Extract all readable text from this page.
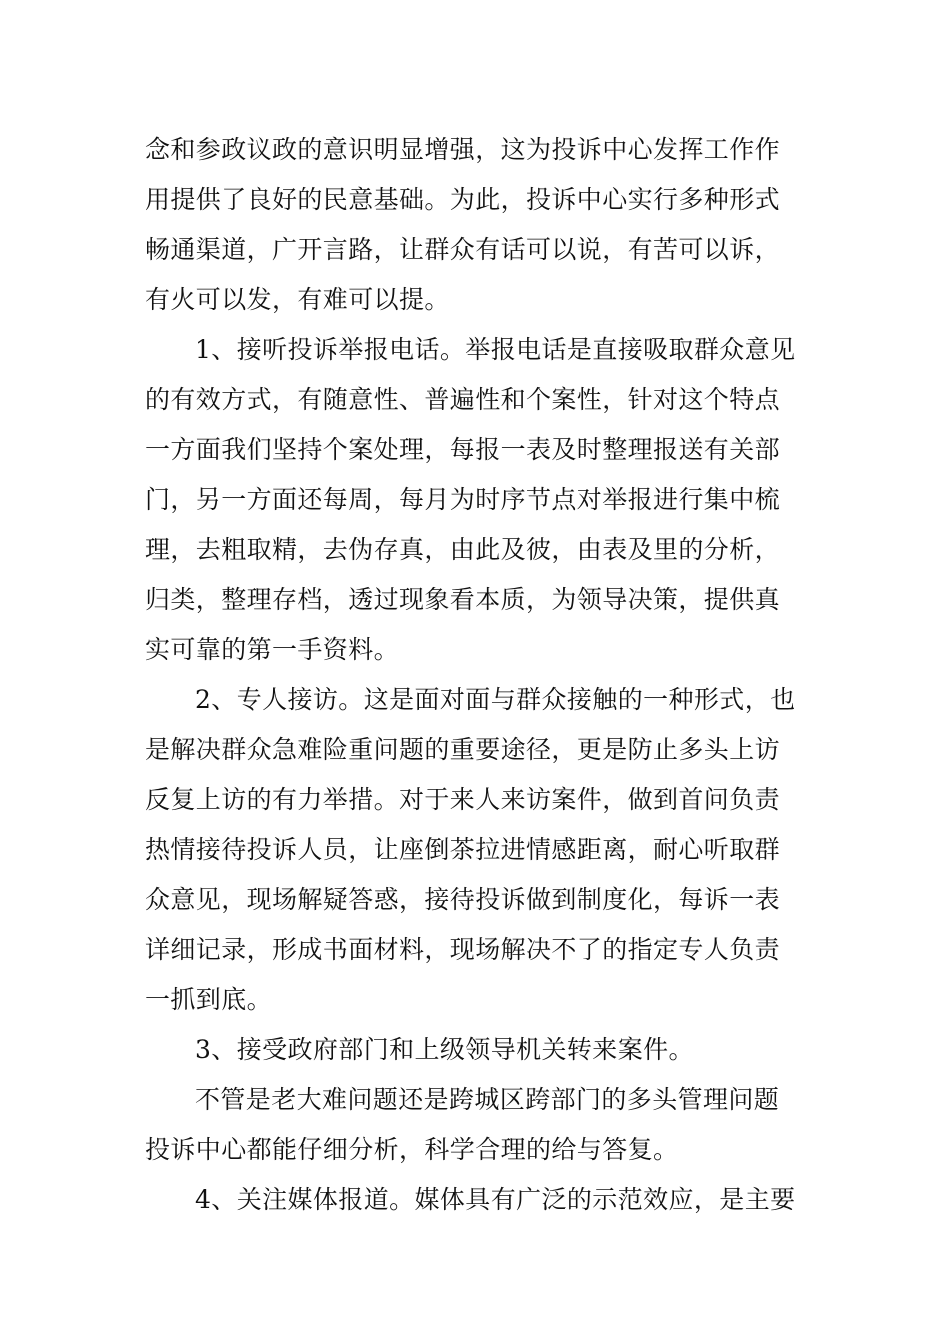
念和参政议政的意识明显增强，这为投诉中心发挥工作作
用提供了良好的民意基础。为此，投诉中心实行多种形式
畅通渠道，广开言路，让群众有话可以说，有苦可以诉，
有火可以发，有难可以提。
1、接听投诉举报电话。举报电话是直接吸取群众意见
的有效方式，有随意性、普遍性和个案性，针对这个特点
一方面我们坚持个案处理，每报一表及时整理报送有关部
门，另一方面还每周，每月为时序节点对举报进行集中梳
理，去粗取精，去伪存真，由此及彼，由表及里的分析，
归类，整理存档，透过现象看本质，为领导决策，提供真
实可靠的第一手资料。
2、专人接访。这是面对面与群众接触的一种形式，也
是解决群众急难险重问题的重要途径，更是防止多头上访
反复上访的有力举措。对于来人来访案件，做到首问负责
热情接待投诉人员，让座倒茶拉进情感距离，耐心听取群
众意见，现场解疑答惑，接待投诉做到制度化，每诉一表
详细记录，形成书面材料，现场解决不了的指定专人负责
一抓到底。
3、接受政府部门和上级领导机关转来案件。
不管是老大难问题还是跨城区跨部门的多头管理问题
投诉中心都能仔细分析，科学合理的给与答复。
4、关注媒体报道。媒体具有广泛的示范效应，是主要
